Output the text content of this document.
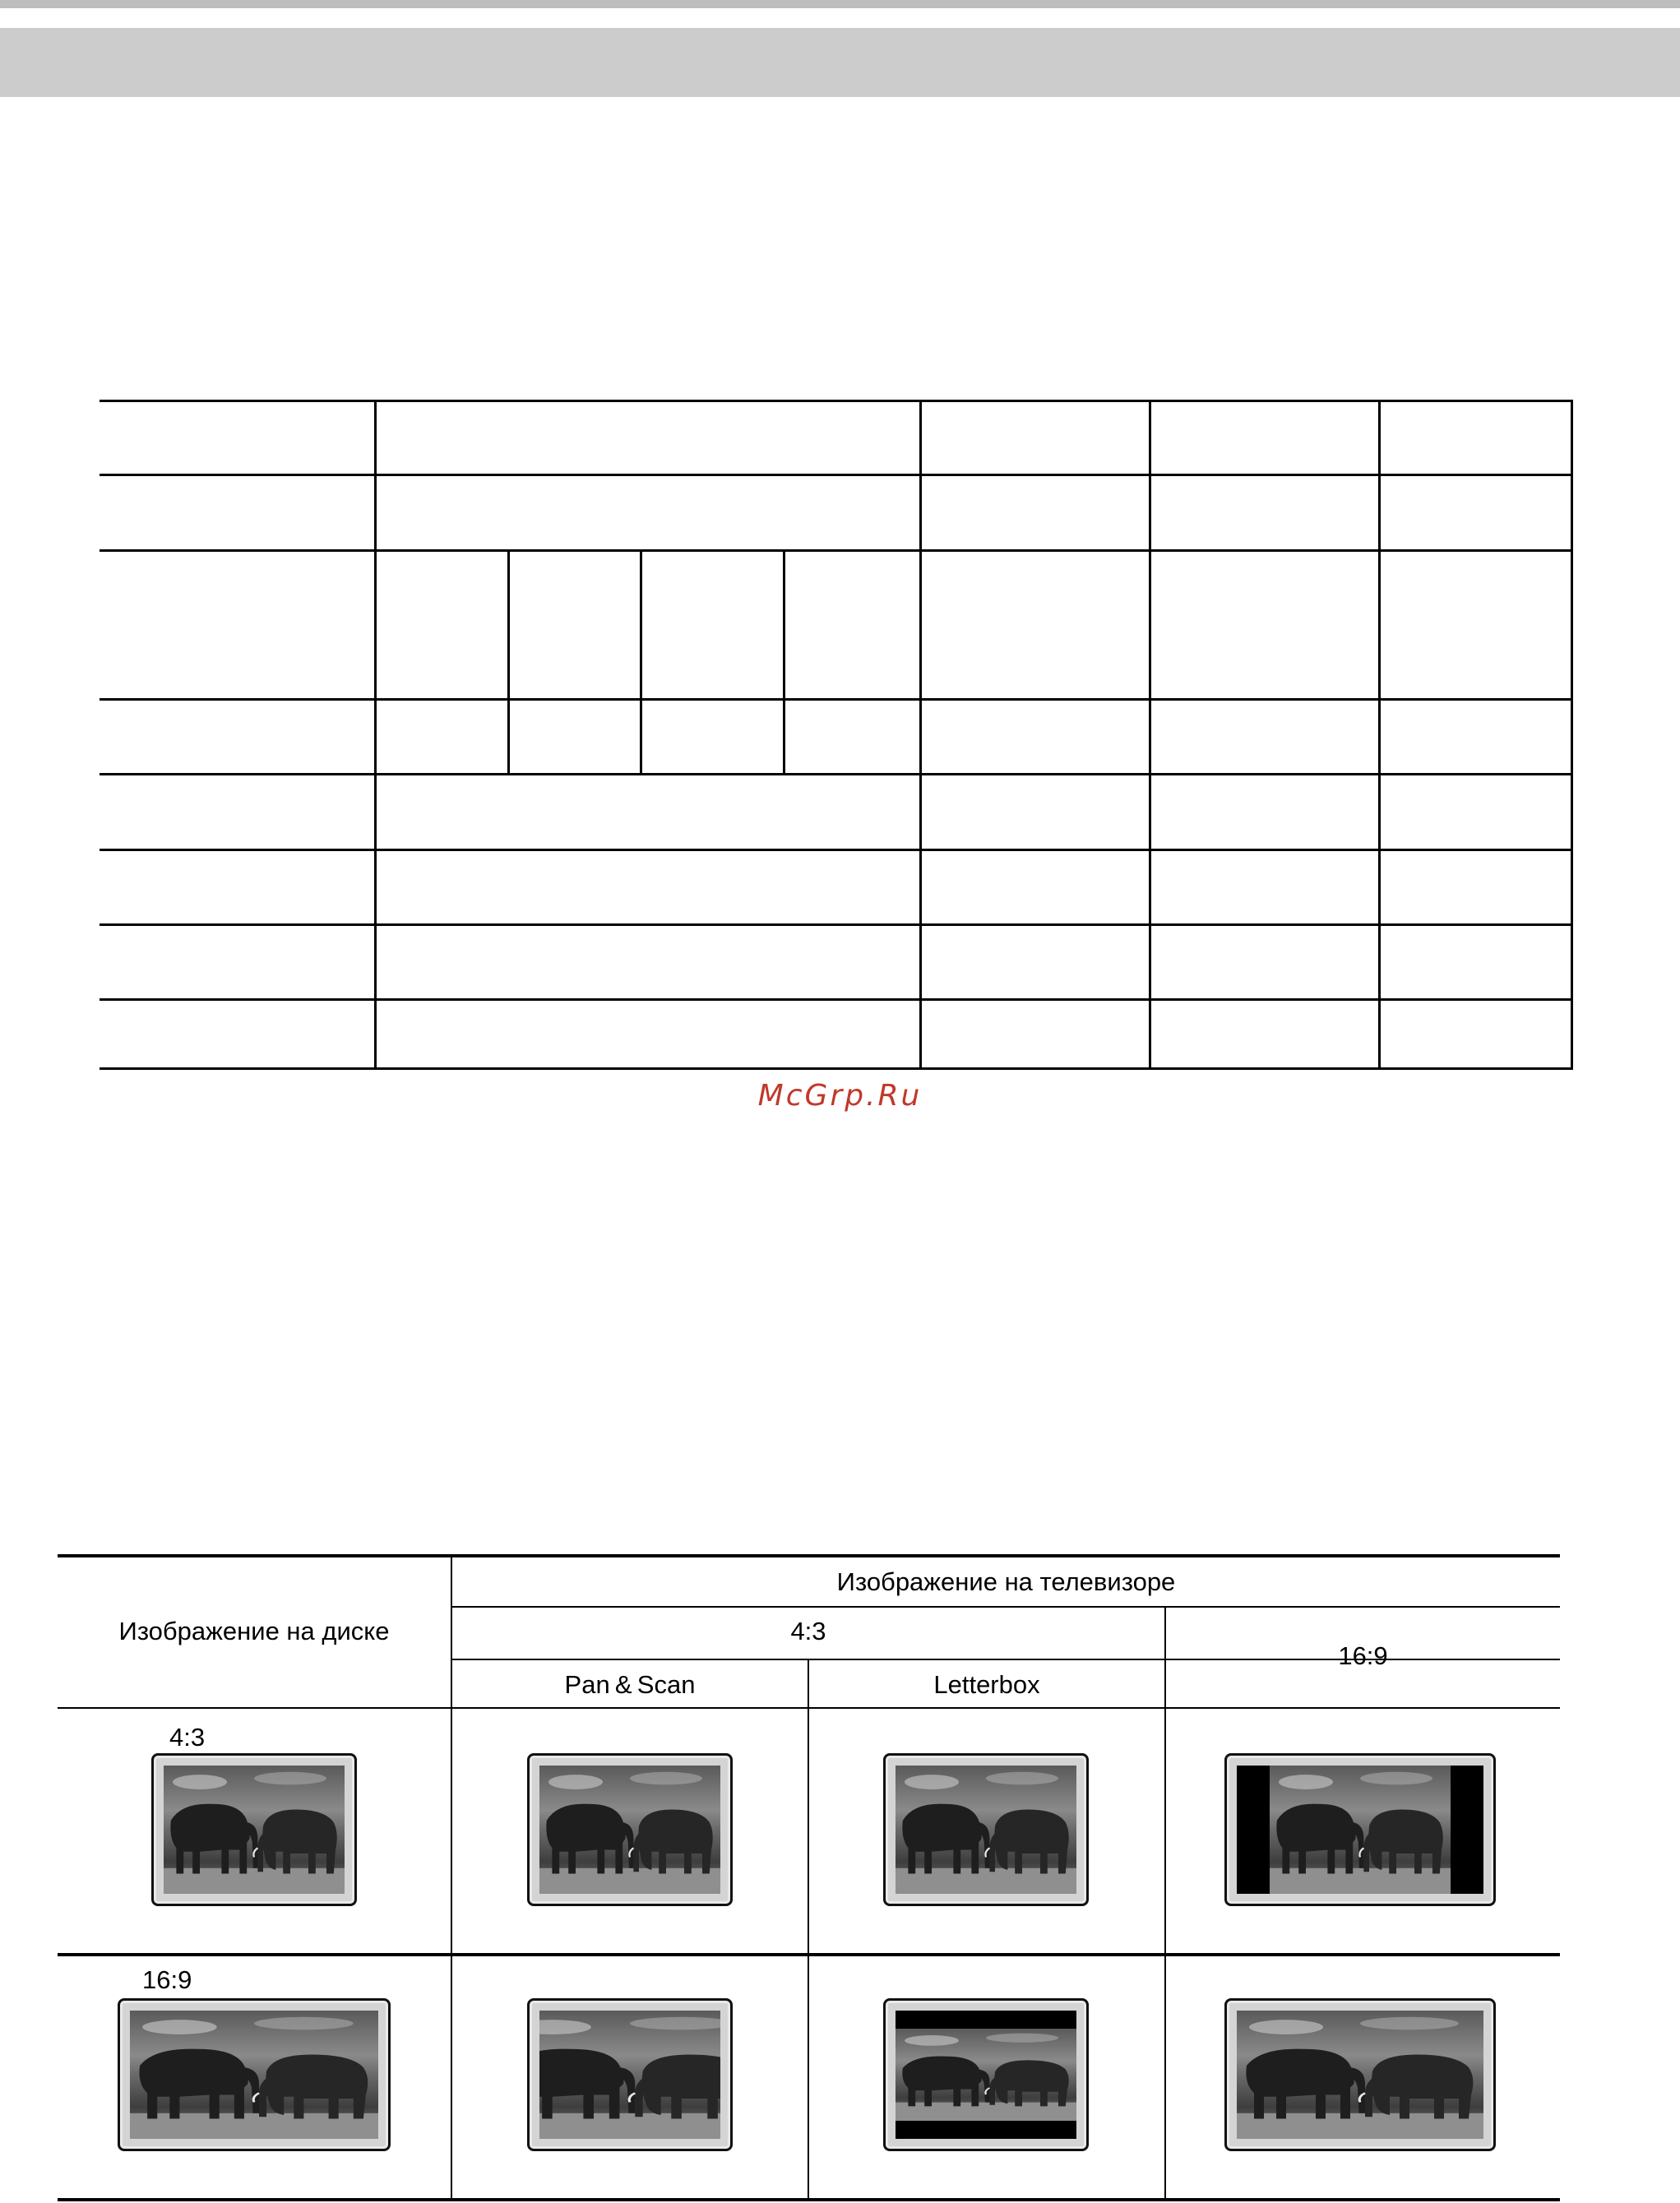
McGrp.Ru
Изображение на диске
Изображение на телевизоре
4:3
16:9
Pan & Scan	Letterbox
4:3
16:9
